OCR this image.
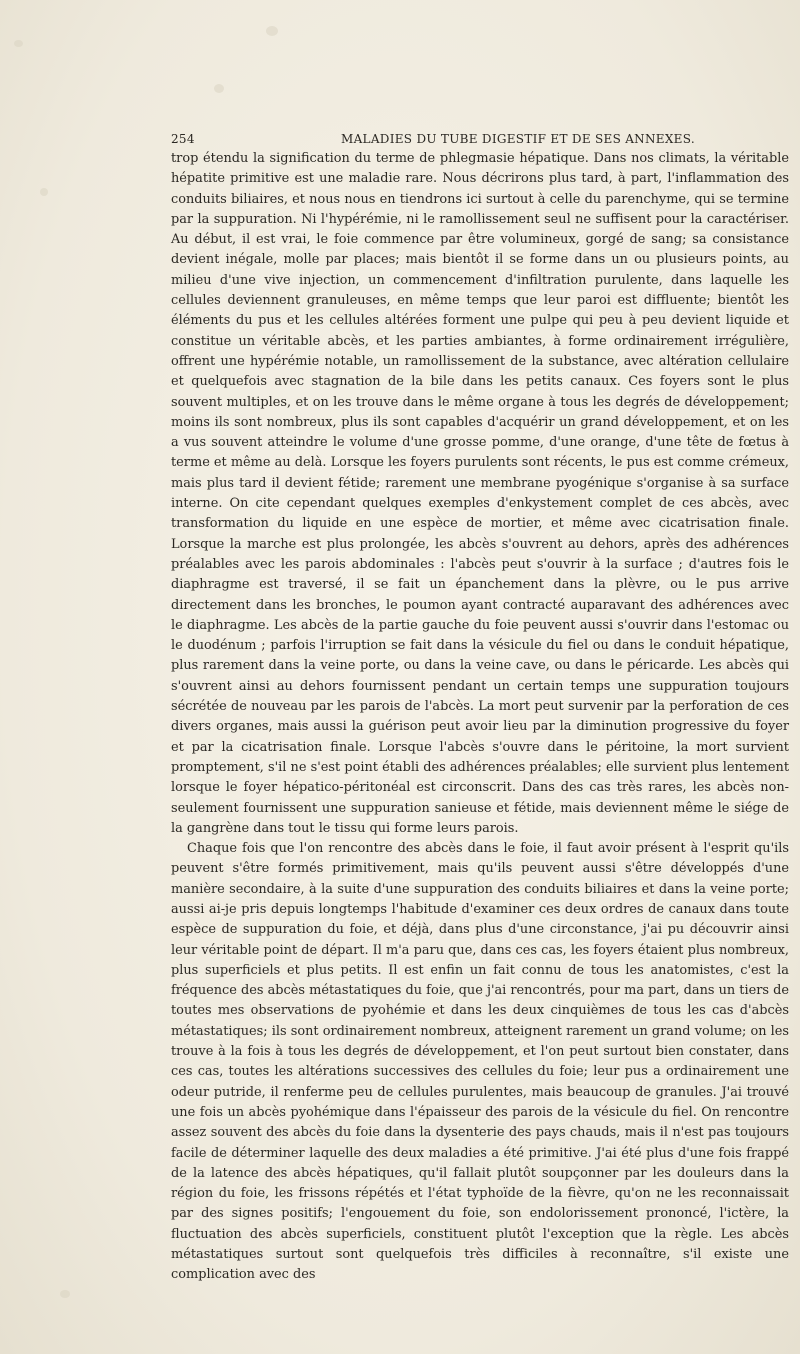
254	MALADIES DU TUBE DIGESTIF ET DE SES ANNEXES.

trop étendu la signification du terme de phlegmasie hépatique. Dans nos climats, la véritable hépatite primitive est une maladie rare. Nous décrirons plus tard, à part, l'inflammation des conduits biliaires, et nous nous en tiendrons ici surtout à celle du parenchyme, qui se termine par la suppuration. Ni l'hypérémie, ni le ramollissement seul ne suffisent pour la caractériser. Au début, il est vrai, le foie commence par être volumineux, gorgé de sang; sa consistance devient inégale, molle par places; mais bientôt il se forme dans un ou plusieurs points, au milieu d'une vive injection, un commencement d'infiltration purulente, dans laquelle les cellules deviennent granuleuses, en même temps que leur paroi est diffluente; bientôt les éléments du pus et les cellules altérées forment une pulpe qui peu à peu devient liquide et constitue un véritable abcès, et les parties ambiantes, à forme ordinairement irrégulière, offrent une hypérémie notable, un ramollissement de la substance, avec altération cellulaire et quelquefois avec stagnation de la bile dans les petits canaux. Ces foyers sont le plus souvent multiples, et on les trouve dans le même organe à tous les degrés de développement; moins ils sont nombreux, plus ils sont capables d'acquérir un grand développement, et on les a vus souvent atteindre le volume d'une grosse pomme, d'une orange, d'une tête de fœtus à terme et même au delà. Lorsque les foyers purulents sont récents, le pus est comme crémeux, mais plus tard il devient fétide; rarement une membrane pyogénique s'organise à sa surface interne. On cite cependant quelques exemples d'enkystement complet de ces abcès, avec transformation du liquide en une espèce de mortier, et même avec cicatrisation finale. Lorsque la marche est plus prolongée, les abcès s'ouvrent au dehors, après des adhérences préalables avec les parois abdominales : l'abcès peut s'ouvrir à la surface ; d'autres fois le diaphragme est traversé, il se fait un épanchement dans la plèvre, ou le pus arrive directement dans les bronches, le poumon ayant contracté auparavant des adhérences avec le diaphragme. Les abcès de la partie gauche du foie peuvent aussi s'ouvrir dans l'estomac ou le duodénum ; parfois l'irruption se fait dans la vésicule du fiel ou dans le conduit hépatique, plus rarement dans la veine porte, ou dans la veine cave, ou dans le péricarde. Les abcès qui s'ouvrent ainsi au dehors fournissent pendant un certain temps une suppuration toujours sécrétée de nouveau par les parois de l'abcès. La mort peut survenir par la perforation de ces divers organes, mais aussi la guérison peut avoir lieu par la diminution progressive du foyer et par la cicatrisation finale. Lorsque l'abcès s'ouvre dans le péritoine, la mort survient promptement, s'il ne s'est point établi des adhérences préalables; elle survient plus lentement lorsque le foyer hépatico-péritonéal est circonscrit. Dans des cas très rares, les abcès non-seulement fournissent une suppuration sanieuse et fétide, mais deviennent même le siége de la gangrène dans tout le tissu qui forme leurs parois.

Chaque fois que l'on rencontre des abcès dans le foie, il faut avoir présent à l'esprit qu'ils peuvent s'être formés primitivement, mais qu'ils peuvent aussi s'être développés d'une manière secondaire, à la suite d'une suppuration des conduits biliaires et dans la veine porte; aussi ai-je pris depuis longtemps l'habitude d'examiner ces deux ordres de canaux dans toute espèce de suppuration du foie, et déjà, dans plus d'une circonstance, j'ai pu découvrir ainsi leur véritable point de départ. Il m'a paru que, dans ces cas, les foyers étaient plus nombreux, plus superficiels et plus petits. Il est enfin un fait connu de tous les anatomistes, c'est la fréquence des abcès métastatiques du foie, que j'ai rencontrés, pour ma part, dans un tiers de toutes mes observations de pyohémie et dans les deux cinquièmes de tous les cas d'abcès métastatiques; ils sont ordinairement nombreux, atteignent rarement un grand volume; on les trouve à la fois à tous les degrés de développement, et l'on peut surtout bien constater, dans ces cas, toutes les altérations successives des cellules du foie; leur pus a ordinairement une odeur putride, il renferme peu de cellules purulentes, mais beaucoup de granules. J'ai trouvé une fois un abcès pyohémique dans l'épaisseur des parois de la vésicule du fiel. On rencontre assez souvent des abcès du foie dans la dysenterie des pays chauds, mais il n'est pas toujours facile de déterminer laquelle des deux maladies a été primitive. J'ai été plus d'une fois frappé de la latence des abcès hépatiques, qu'il fallait plutôt soupçonner par les douleurs dans la région du foie, les frissons répétés et l'état typhoïde de la fièvre, qu'on ne les reconnaissait par des signes positifs; l'engouement du foie, son endolorissement prononcé, l'ictère, la fluctuation des abcès superficiels, constituent plutôt l'exception que la règle. Les abcès métastatiques surtout sont quelquefois très difficiles à reconnaître, s'il existe une complication avec des
